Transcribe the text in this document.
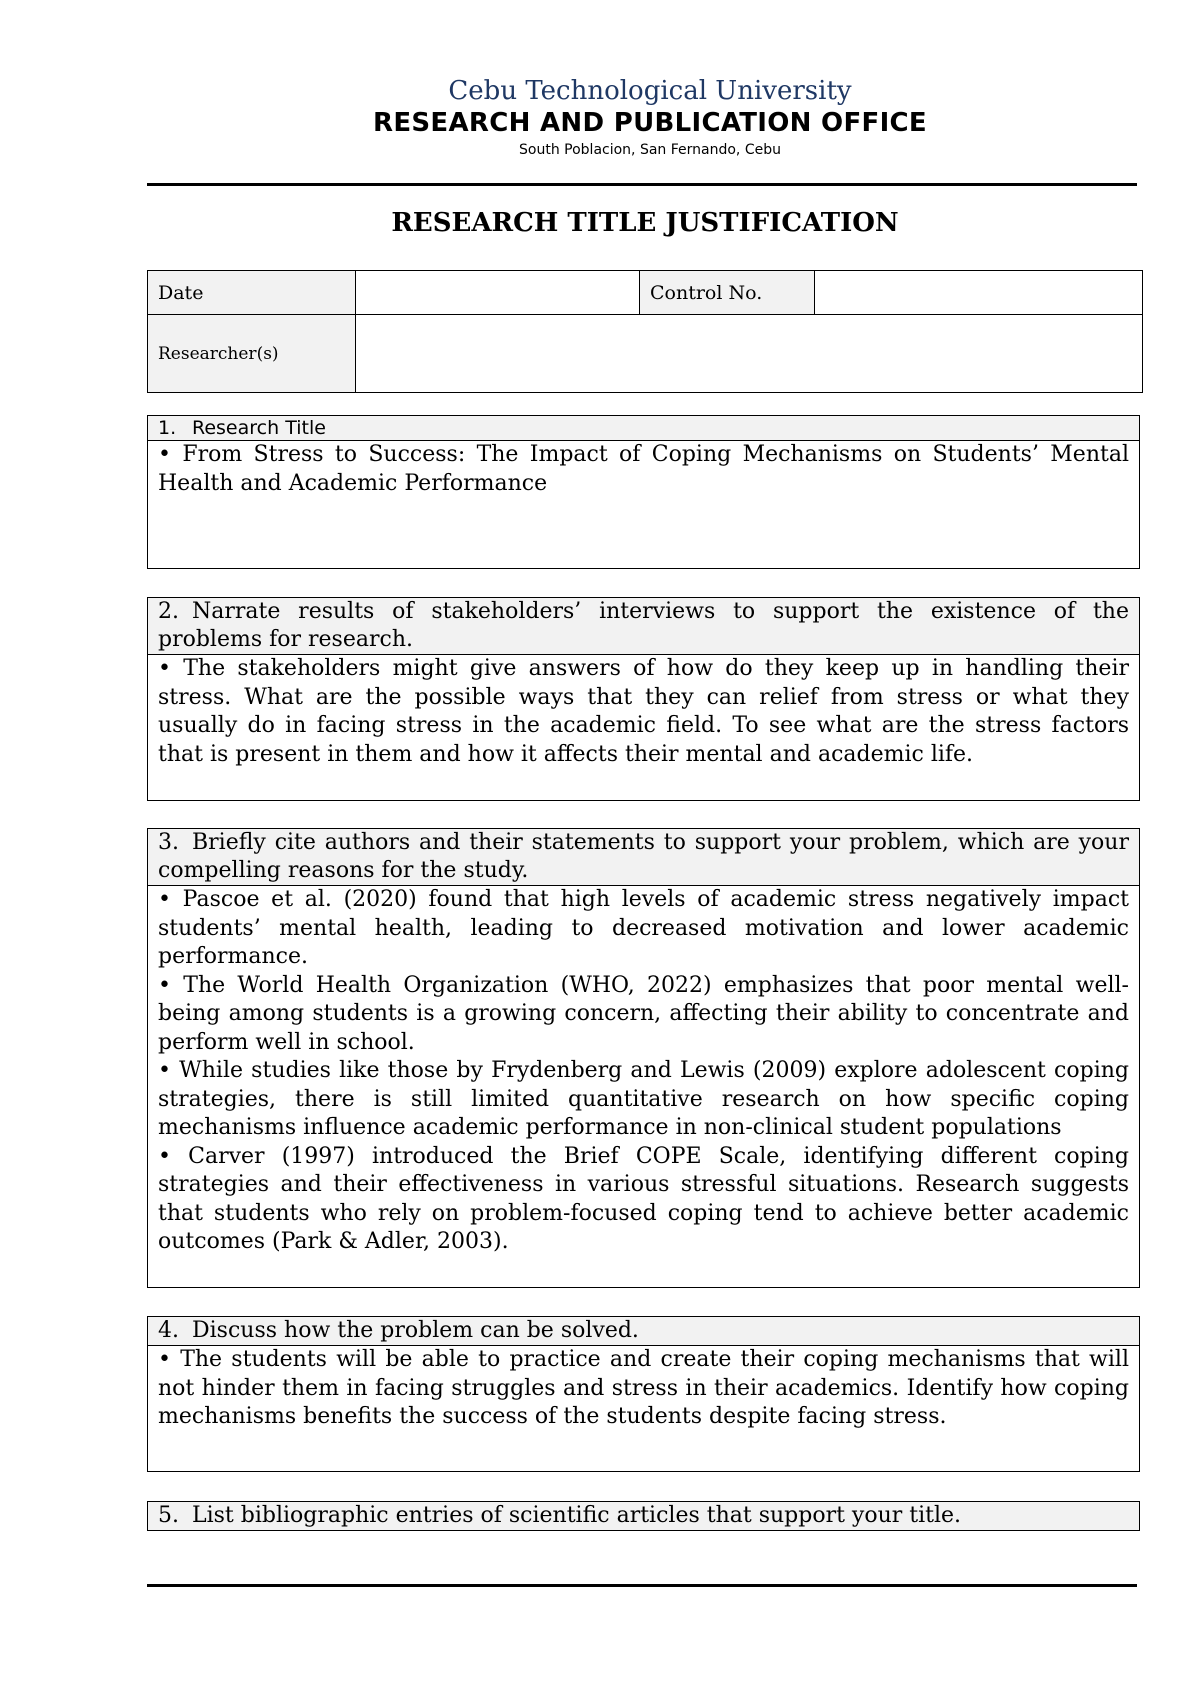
Cebu Technological University
RESEARCH AND PUBLICATION OFFICE
South Poblacion, San Fernando, Cebu
RESEARCH TITLE JUSTIFICATION
Date		Control No.	
Researcher(s)			
1. Research Title

• From Stress to Success: The Impact of Coping Mechanisms on Students’ Mental Health and Academic Performance

2. Narrate results of stakeholders’ interviews to support the existence of the problems for research.

• The stakeholders might give answers of how do they keep up in handling their stress. What are the possible ways that they can relief from stress or what they usually do in facing stress in the academic field. To see what are the stress factors that is present in them and how it affects their mental and academic life.

3. Briefly cite authors and their statements to support your problem, which are your compelling reasons for the study.

• Pascoe et al. (2020) found that high levels of academic stress negatively impact students’ mental health, leading to decreased motivation and lower academic performance.

• The World Health Organization (WHO, 2022) emphasizes that poor mental well-being among students is a growing concern, affecting their ability to concentrate and perform well in school.

• While studies like those by Frydenberg and Lewis (2009) explore adolescent coping strategies, there is still limited quantitative research on how specific coping mechanisms influence academic performance in non-clinical student populations

• Carver (1997) introduced the Brief COPE Scale, identifying different coping strategies and their effectiveness in various stressful situations. Research suggests that students who rely on problem-focused coping tend to achieve better academic outcomes (Park & Adler, 2003).

4. Discuss how the problem can be solved.

• The students will be able to practice and create their coping mechanisms that will not hinder them in facing struggles and stress in their academics. Identify how coping mechanisms benefits the success of the students despite facing stress.

5. List bibliographic entries of scientific articles that support your title.
